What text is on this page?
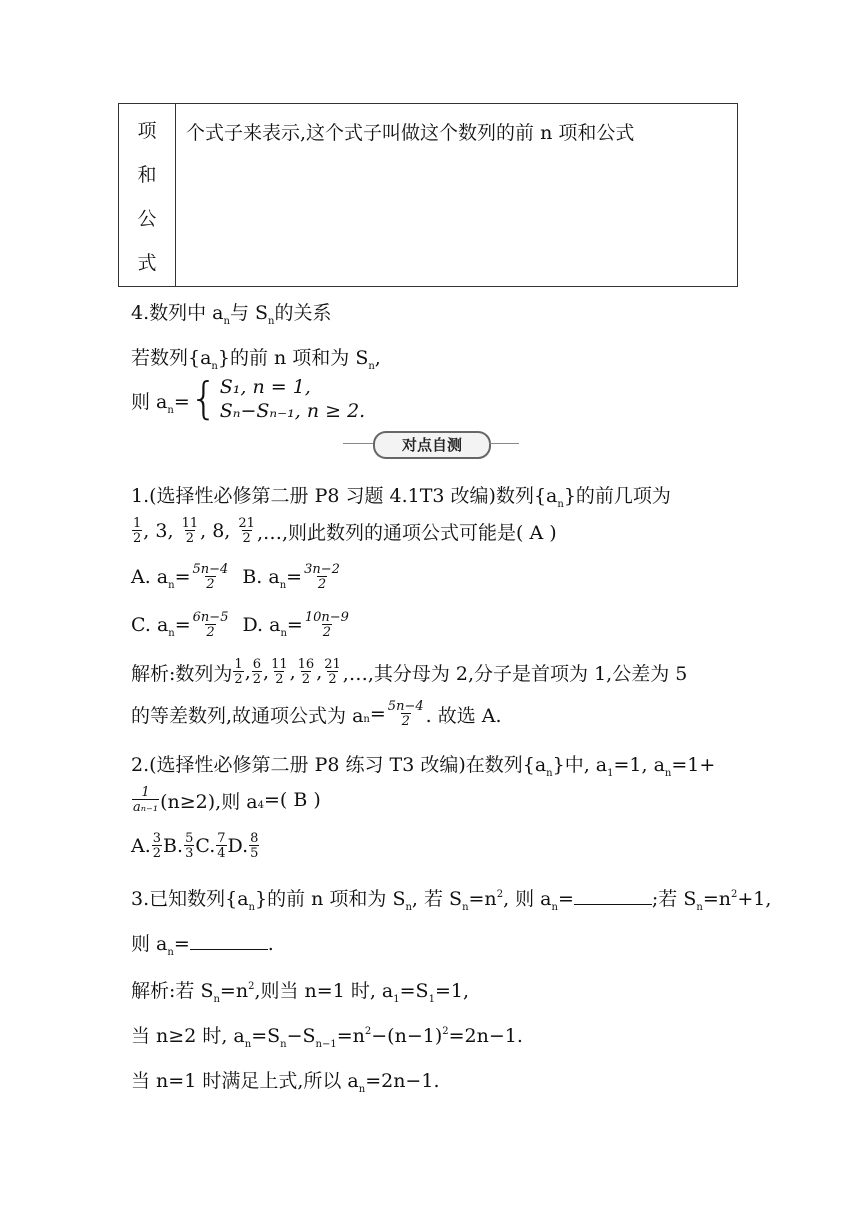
项
和
公
式
	个式子来表示,这个式子叫做这个数列的前 n 项和公式
4.数列中 $a_n$与 $S_n$的关系
若数列$\{a_n\}$的前 n 项和为 $S_n$,
则 $a_n=$ { S₁, n = 1,
Sₙ−Sₙ₋₁, n ≥ 2.
对点自测
1.(选择性必修第二册 P8 习题 4.1T3 改编)数列$\{a_n\}$的前几项为
$\frac{1}{2}$ , 3 , $\frac{11}{2}$ , 8 , $\frac{21}{2}$ ,…,则此数列的通项公式可能是( A )
A. $a_n= \frac{5n-4}{2} B$. $a_n= \frac{3n-2}{2}$
C. $a_n= \frac{6n-5}{2} D$. $a_n= \frac{10n-9}{2}$
解析:数列为 $\frac{1}{2}$ , $\frac{6}{2}$ , $\frac{11}{2}$ , $\frac{16}{2}$ , $\frac{21}{2}$ ,…,其分母为 2,分子是首项为 1,公差为 5
的等差数列,故通项公式为 a $n = \frac{5n-4}{2}$ . 故选 A.
2.(选择性必修第二册 P8 练习 T3 改编)在数列$\{a_n\}$中, $a_1=1$, $a_n=1+$
$\frac{1}{\text{aₙ₋₁}} (n\ge 2)$,则 a 4 =( B )
A. $\frac{3}{2} B$. $\frac{5}{3} C$. $\frac{7}{4} D$. $\frac{8}{5}$
3.已知数列$\{a_n\}$的前 n 项和为 $S_n$, 若 $S_n=n^2$, 则 $a_n=$	;若 $S_n=n^2+1$,
则 $a_n=$	.
解析:若 $S_n=n^2$,则当 n=1 时, $a_1=S_1=1$,
当 n≥2 时, $a_n=S_n-S_{n-1}=n^2-(n-1)^2=2n-1$.
当 n=1 时满足上式,所以 $a_n=2n-1$.
